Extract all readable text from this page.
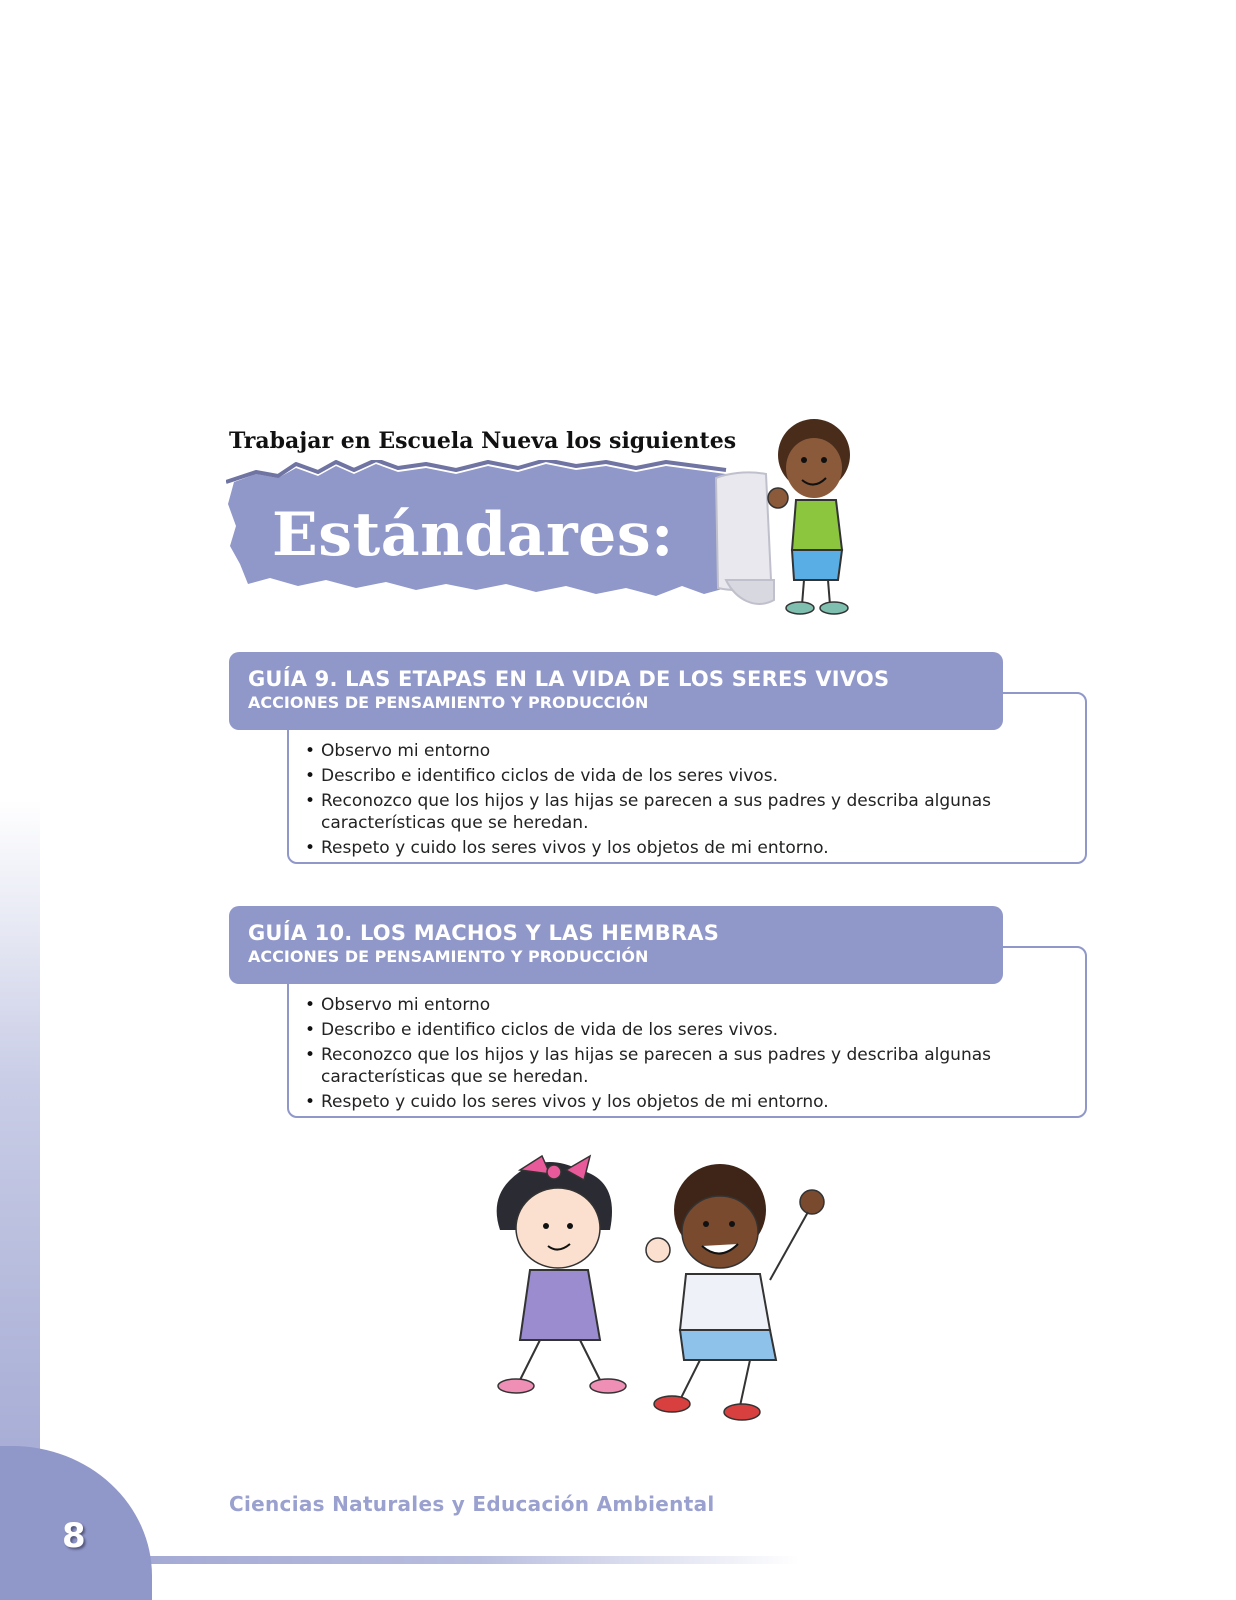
Trabajar en Escuela Nueva los siguientes
Estándares:
GUÍA 9. LAS ETAPAS EN LA VIDA DE LOS SERES VIVOS
ACCIONES DE PENSAMIENTO Y PRODUCCIÓN
• Observo mi entorno
• Describo e identifico ciclos de vida de los seres vivos.
• Reconozco que los hijos y las hijas se parecen a sus padres y describa algunas características que se heredan.
• Respeto y cuido los seres vivos y los objetos de mi entorno.
GUÍA 10. LOS MACHOS Y LAS HEMBRAS
ACCIONES DE PENSAMIENTO Y PRODUCCIÓN
• Observo mi entorno
• Describo e identifico ciclos de vida de los seres vivos.
• Reconozco que los hijos y las hijas se parecen a sus padres y describa algunas características que se heredan.
• Respeto y cuido los seres vivos y los objetos de mi entorno.
Ciencias Naturales y Educación Ambiental
8
